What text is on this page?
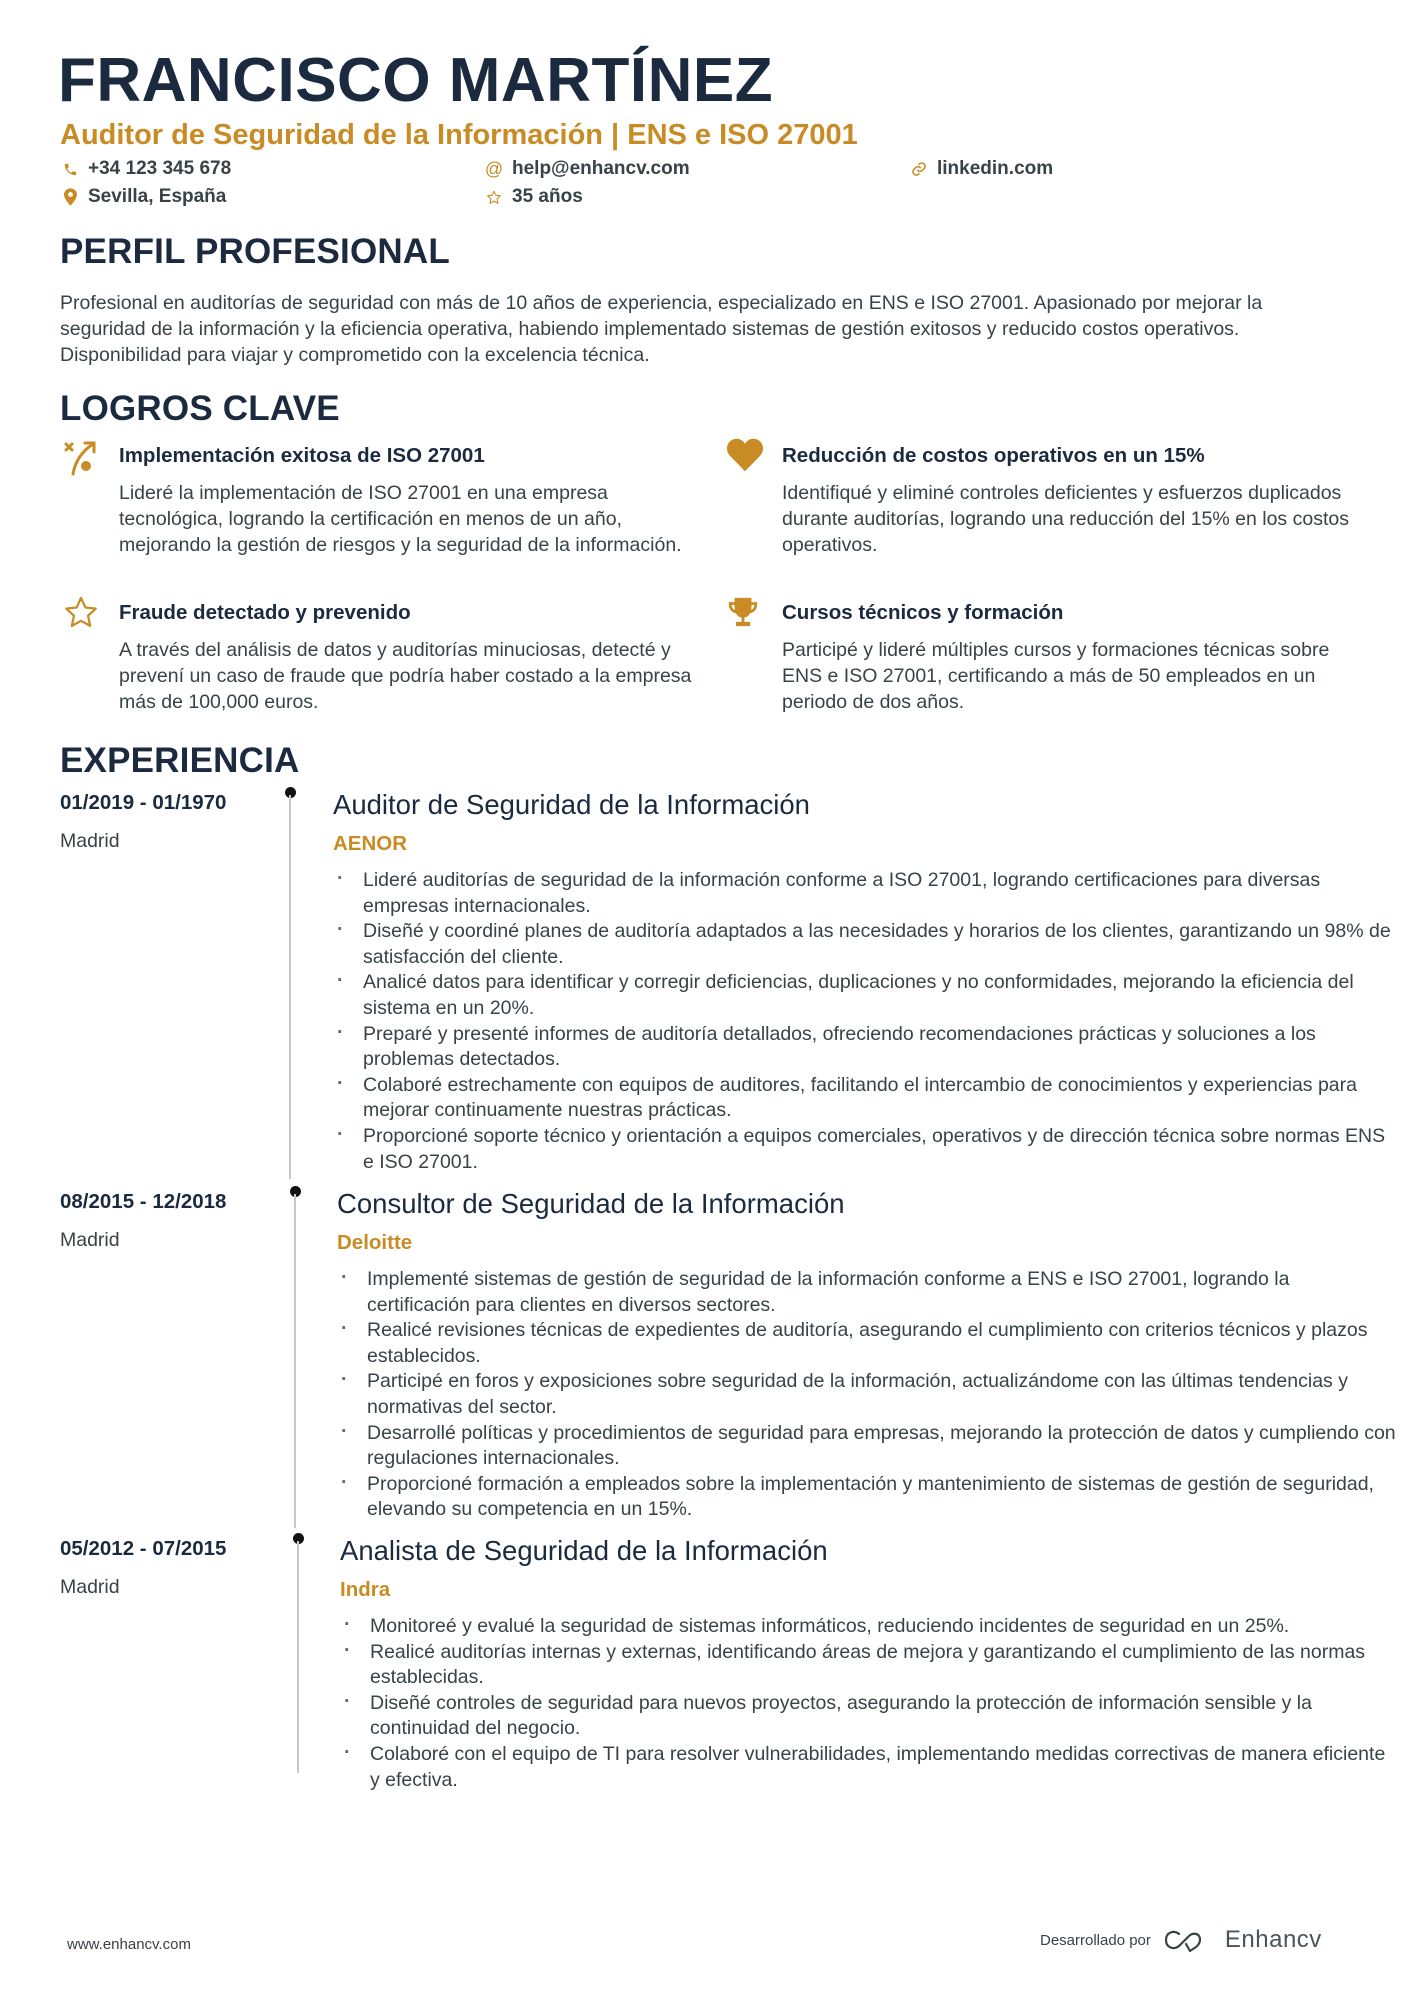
FRANCISCO MARTÍNEZ
Auditor de Seguridad de la Información | ENS e ISO 27001
+34 123 345 678	@ help@enhancv.com	linkedin.com
Sevilla, España	35 años
PERFIL PROFESIONAL
Profesional en auditorías de seguridad con más de 10 años de experiencia, especializado en ENS e ISO 27001. Apasionado por mejorar la seguridad de la información y la eficiencia operativa, habiendo implementado sistemas de gestión exitosos y reducido costos operativos. Disponibilidad para viajar y comprometido con la excelencia técnica.
LOGROS CLAVE
Implementación exitosa de ISO 27001
Lideré la implementación de ISO 27001 en una empresa tecnológica, logrando la certificación en menos de un año, mejorando la gestión de riesgos y la seguridad de la información.
Reducción de costos operativos en un 15%
Identifiqué y eliminé controles deficientes y esfuerzos duplicados durante auditorías, logrando una reducción del 15% en los costos operativos.
Fraude detectado y prevenido
A través del análisis de datos y auditorías minuciosas, detecté y prevení un caso de fraude que podría haber costado a la empresa más de 100,000 euros.
Cursos técnicos y formación
Participé y lideré múltiples cursos y formaciones técnicas sobre ENS e ISO 27001, certificando a más de 50 empleados en un periodo de dos años.
EXPERIENCIA
01/2019 - 01/1970
Madrid
Auditor de Seguridad de la Información
AENOR
· Lideré auditorías de seguridad de la información conforme a ISO 27001, logrando certificaciones para diversas empresas internacionales.
· Diseñé y coordiné planes de auditoría adaptados a las necesidades y horarios de los clientes, garantizando un 98% de satisfacción del cliente.
· Analicé datos para identificar y corregir deficiencias, duplicaciones y no conformidades, mejorando la eficiencia del sistema en un 20%.
· Preparé y presenté informes de auditoría detallados, ofreciendo recomendaciones prácticas y soluciones a los problemas detectados.
· Colaboré estrechamente con equipos de auditores, facilitando el intercambio de conocimientos y experiencias para mejorar continuamente nuestras prácticas.
· Proporcioné soporte técnico y orientación a equipos comerciales, operativos y de dirección técnica sobre normas ENS e ISO 27001.
08/2015 - 12/2018
Madrid
Consultor de Seguridad de la Información
Deloitte
· Implementé sistemas de gestión de seguridad de la información conforme a ENS e ISO 27001, logrando la certificación para clientes en diversos sectores.
· Realicé revisiones técnicas de expedientes de auditoría, asegurando el cumplimiento con criterios técnicos y plazos establecidos.
· Participé en foros y exposiciones sobre seguridad de la información, actualizándome con las últimas tendencias y normativas del sector.
· Desarrollé políticas y procedimientos de seguridad para empresas, mejorando la protección de datos y cumpliendo con regulaciones internacionales.
· Proporcioné formación a empleados sobre la implementación y mantenimiento de sistemas de gestión de seguridad, elevando su competencia en un 15%.
05/2012 - 07/2015
Madrid
Analista de Seguridad de la Información
Indra
· Monitoreé y evalué la seguridad de sistemas informáticos, reduciendo incidentes de seguridad en un 25%.
· Realicé auditorías internas y externas, identificando áreas de mejora y garantizando el cumplimiento de las normas establecidas.
· Diseñé controles de seguridad para nuevos proyectos, asegurando la protección de información sensible y la continuidad del negocio.
· Colaboré con el equipo de TI para resolver vulnerabilidades, implementando medidas correctivas de manera eficiente y efectiva.
www.enhancv.com	Desarrollado por	Enhancv
